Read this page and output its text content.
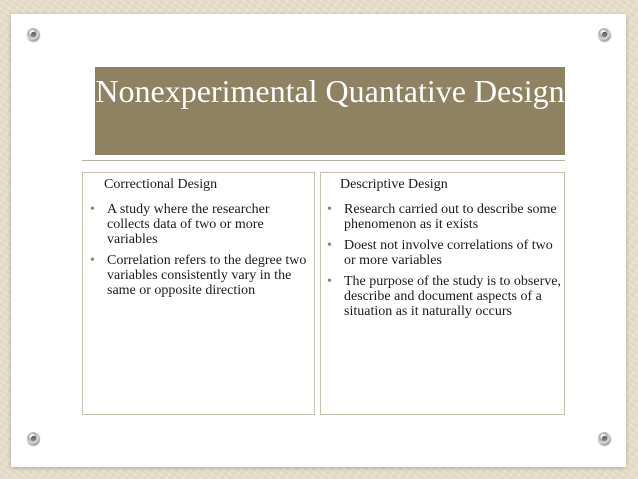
Nonexperimental Quantative Design
Correctional Design	Descriptive Design
• A study where the researcher collects data of two or more variables
• Correlation refers to the degree two variables consistently vary in the same or opposite direction
• Research carried out to describe some phenomenon as it exists
• Doest not involve correlations of two or more variables
• The purpose of the study is to observe, describe and document aspects of a situation as it naturally occurs
